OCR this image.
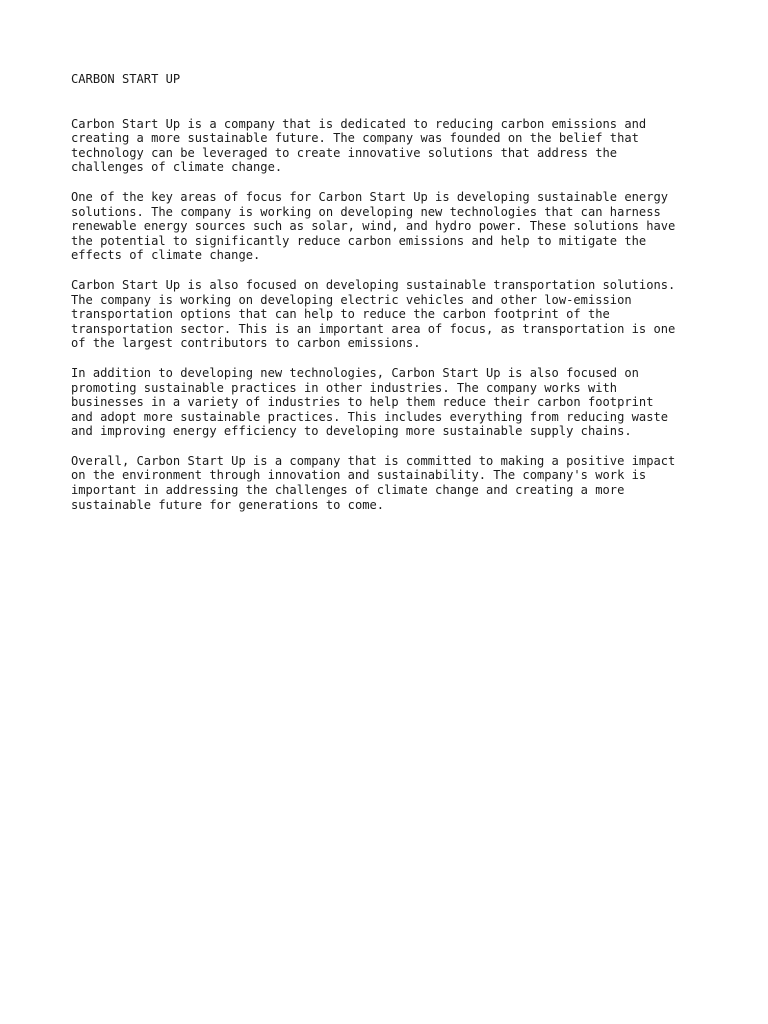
CARBON START UP
Carbon Start Up is a company that is dedicated to reducing carbon emissions and
creating a more sustainable future. The company was founded on the belief that
technology can be leveraged to create innovative solutions that address the
challenges of climate change.
One of the key areas of focus for Carbon Start Up is developing sustainable energy
solutions. The company is working on developing new technologies that can harness
renewable energy sources such as solar, wind, and hydro power. These solutions have
the potential to significantly reduce carbon emissions and help to mitigate the
effects of climate change.
Carbon Start Up is also focused on developing sustainable transportation solutions.
The company is working on developing electric vehicles and other low-emission
transportation options that can help to reduce the carbon footprint of the
transportation sector. This is an important area of focus, as transportation is one
of the largest contributors to carbon emissions.
In addition to developing new technologies, Carbon Start Up is also focused on
promoting sustainable practices in other industries. The company works with
businesses in a variety of industries to help them reduce their carbon footprint
and adopt more sustainable practices. This includes everything from reducing waste
and improving energy efficiency to developing more sustainable supply chains.
Overall, Carbon Start Up is a company that is committed to making a positive impact
on the environment through innovation and sustainability. The company's work is
important in addressing the challenges of climate change and creating a more
sustainable future for generations to come.
